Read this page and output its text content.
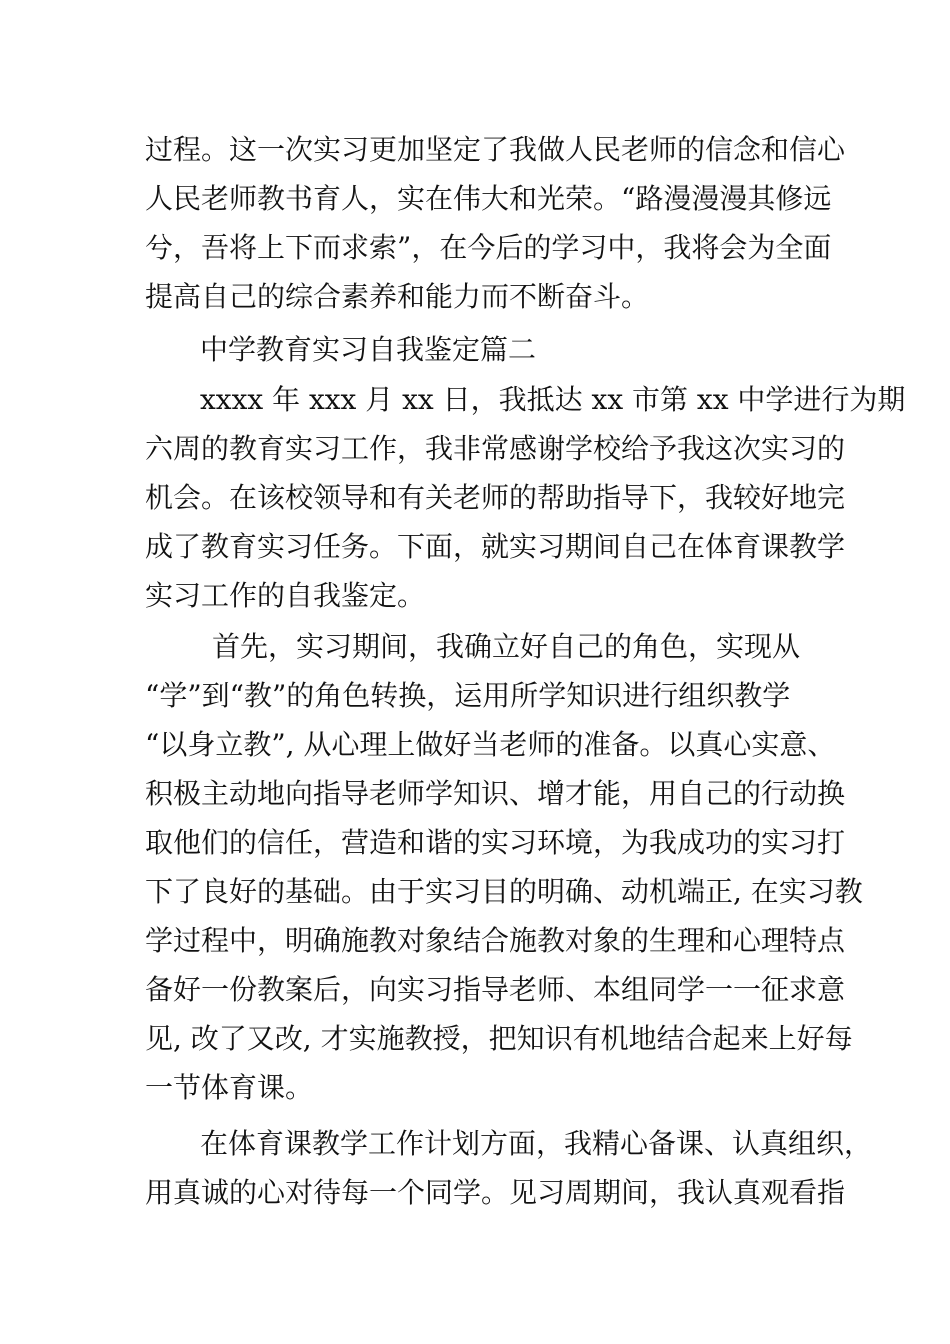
过程。这一次实习更加坚定了我做人民老师的信念和信心
人民老师教书育人，实在伟大和光荣。“路漫漫漫其修远
兮，吾将上下而求索”，在今后的学习中，我将会为全面
提高自己的综合素养和能力而不断奋斗。
中学教育实习自我鉴定篇二
xxxx 年 xxx 月 xx 日，我抵达 xx 市第 xx 中学进行为期
六周的教育实习工作，我非常感谢学校给予我这次实习的
机会。在该校领导和有关老师的帮助指导下，我较好地完
成了教育实习任务。下面，就实习期间自己在体育课教学
实习工作的自我鉴定。
首先，实习期间，我确立好自己的角色，实现从
“学”到“教”的角色转换，运用所学知识进行组织教学
“以身立教”, 从心理上做好当老师的准备。以真心实意、
积极主动地向指导老师学知识、增才能，用自己的行动换
取他们的信任，营造和谐的实习环境，为我成功的实习打
下了良好的基础。由于实习目的明确、动机端正, 在实习教
学过程中，明确施教对象结合施教对象的生理和心理特点
备好一份教案后，向实习指导老师、本组同学一一征求意
见, 改了又改, 才实施教授，把知识有机地结合起来上好每
一节体育课。
在体育课教学工作计划方面，我精心备课、认真组织，
用真诚的心对待每一个同学。见习周期间，我认真观看指
